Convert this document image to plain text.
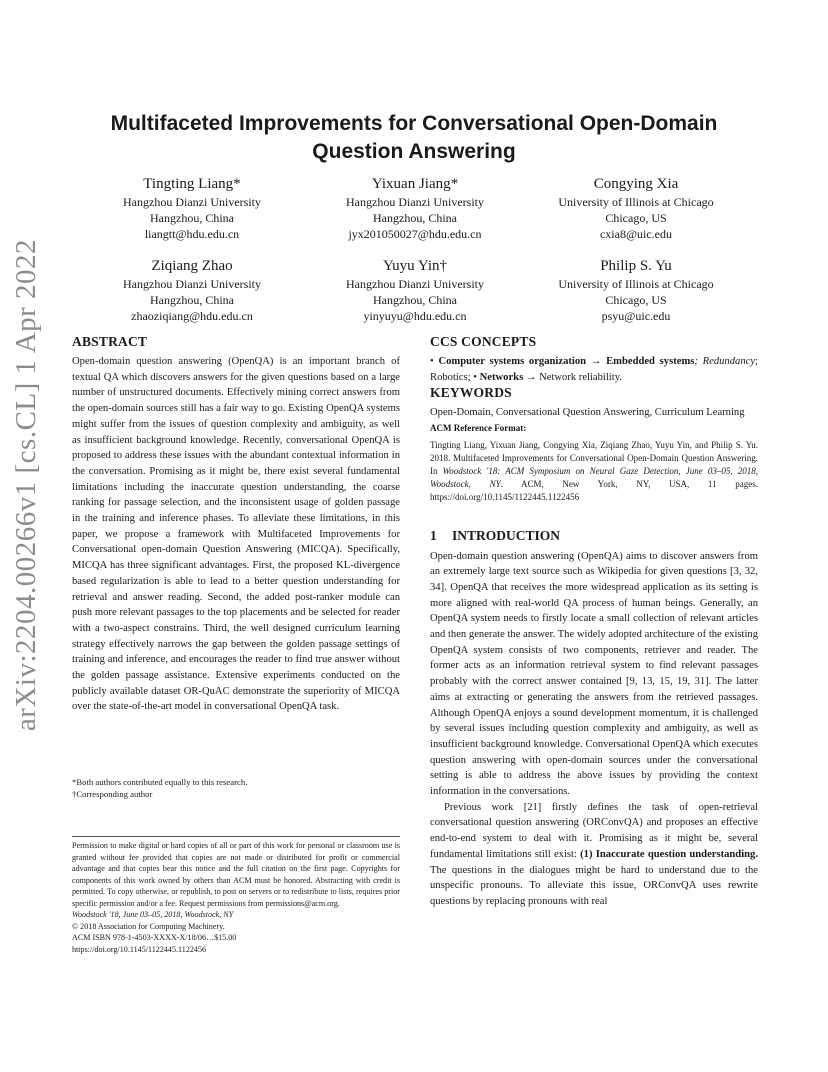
arXiv:2204.00266v1 [cs.CL] 1 Apr 2022
Multifaceted Improvements for Conversational Open-Domain Question Answering
Tingting Liang*
Hangzhou Dianzi University
Hangzhou, China
liangtt@hdu.edu.cn
Yixuan Jiang*
Hangzhou Dianzi University
Hangzhou, China
jyx201050027@hdu.edu.cn
Congying Xia
University of Illinois at Chicago
Chicago, US
cxia8@uic.edu
Ziqiang Zhao
Hangzhou Dianzi University
Hangzhou, China
zhaoziqiang@hdu.edu.cn
Yuyu Yin†
Hangzhou Dianzi University
Hangzhou, China
yinyuyu@hdu.edu.cn
Philip S. Yu
University of Illinois at Chicago
Chicago, US
psyu@uic.edu
ABSTRACT

Open-domain question answering (OpenQA) is an important branch of textual QA which discovers answers for the given questions based on a large number of unstructured documents. Effectively mining correct answers from the open-domain sources still has a fair way to go. Existing OpenQA systems might suffer from the issues of question complexity and ambiguity, as well as insufficient background knowledge. Recently, conversational OpenQA is proposed to address these issues with the abundant contextual information in the conversation. Promising as it might be, there exist several fundamental limitations including the inaccurate question understanding, the coarse ranking for passage selection, and the inconsistent usage of golden passage in the training and inference phases. To alleviate these limitations, in this paper, we propose a framework with Multifaceted Improvements for Conversational open-domain Question Answering (MICQA). Specifically, MICQA has three significant advantages. First, the proposed KL-divergence based regularization is able to lead to a better question understanding for retrieval and answer reading. Second, the added post-ranker module can push more relevant passages to the top placements and be selected for reader with a two-aspect constrains. Third, the well designed curriculum learning strategy effectively narrows the gap between the golden passage settings of training and inference, and encourages the reader to find true answer without the golden passage assistance. Extensive experiments conducted on the publicly available dataset OR-QuAC demonstrate the superiority of MICQA over the state-of-the-art model in conversational OpenQA task.

*Both authors contributed equally to this research.
†Corresponding author

Permission to make digital or hard copies of all or part of this work for personal or classroom use is granted without fee provided that copies are not made or distributed for profit or commercial advantage and that copies bear this notice and the full citation on the first page. Copyrights for components of this work owned by others than ACM must be honored. Abstracting with credit is permitted. To copy otherwise, or republish, to post on servers or to redistribute to lists, requires prior specific permission and/or a fee. Request permissions from permissions@acm.org.

Woodstock '18, June 03–05, 2018, Woodstock, NY
© 2018 Association for Computing Machinery.
ACM ISBN 978-1-4503-XXXX-X/18/06…$15.00
https://doi.org/10.1145/1122445.1122456
CCS CONCEPTS

• Computer systems organization → Embedded systems; Redundancy; Robotics; • Networks → Network reliability.

KEYWORDS

Open-Domain, Conversational Question Answering, Curriculum Learning

ACM Reference Format:

Tingting Liang, Yixuan Jiang, Congying Xia, Ziqiang Zhao, Yuyu Yin, and Philip S. Yu. 2018. Multifaceted Improvements for Conversational Open-Domain Question Answering. In Woodstock '18: ACM Symposium on Neural Gaze Detection, June 03–05, 2018, Woodstock, NY. ACM, New York, NY, USA, 11 pages. https://doi.org/10.1145/1122445.1122456

1 INTRODUCTION

Open-domain question answering (OpenQA) aims to discover answers from an extremely large text source such as Wikipedia for given questions [3, 32, 34]. OpenQA that receives the more widespread application as its setting is more aligned with real-world QA process of human beings. Generally, an OpenQA system needs to firstly locate a small collection of relevant articles and then generate the answer. The widely adopted architecture of the existing OpenQA system consists of two components, retriever and reader. The former acts as an information retrieval system to find relevant passages probably with the correct answer contained [9, 13, 15, 19, 31]. The latter aims at extracting or generating the answers from the retrieved passages. Although OpenQA enjoys a sound development momentum, it is challenged by several issues including question complexity and ambiguity, as well as insufficient background knowledge. Conversational OpenQA which executes question answering with open-domain sources under the conversational setting is able to address the above issues by providing the context information in the conversations.

Previous work [21] firstly defines the task of open-retrieval conversational question answering (ORConvQA) and proposes an effective end-to-end system to deal with it. Promising as it might be, several fundamental limitations still exist: (1) Inaccurate question understanding. The questions in the dialogues might be hard to understand due to the unspecific pronouns. To alleviate this issue, ORConvQA uses rewrite questions by replacing pronouns with real
